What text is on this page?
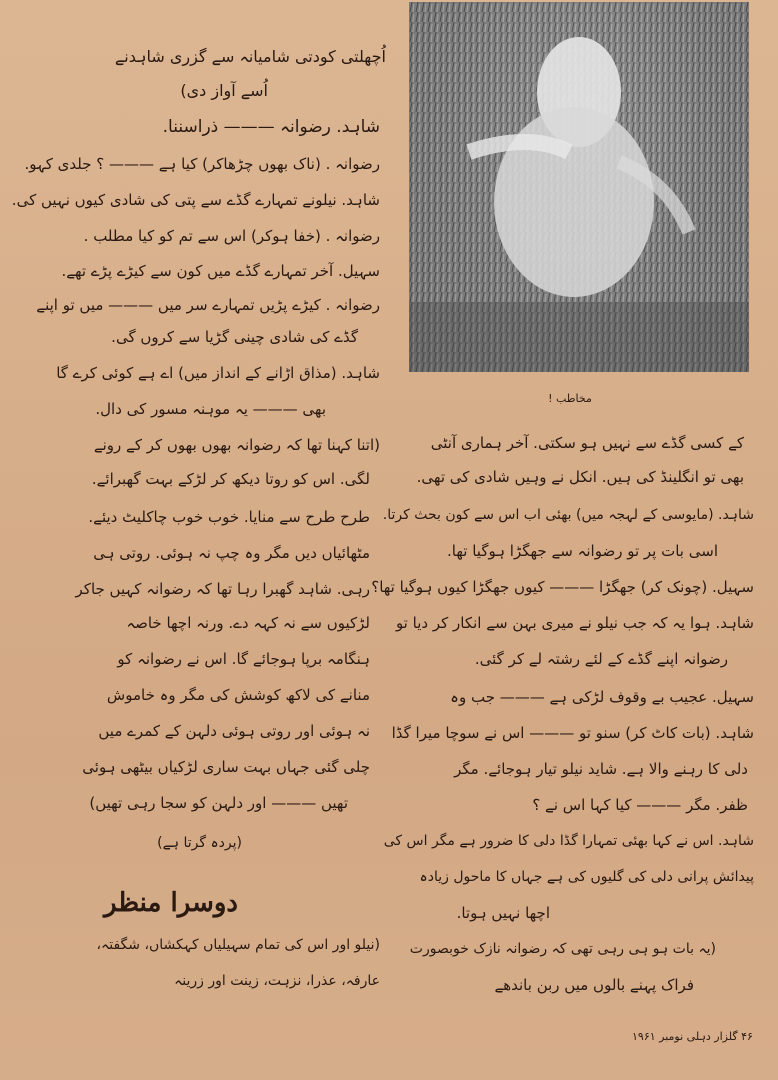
مخاطب !
اُچھلتی کودتی شامیانہ سے گزری شاہدنے
اُسے آواز دی)
شاہد. رضوانہ ——— ذراسننا.
رضوانہ . (ناک بھوں چڑھاکر) کیا ہے ——— ؟ جلدی کہو.
شاہد. نیلونے تمہارے گڈے سے پتی کی شادی کیوں نہیں کی.
رضوانہ . (خفا ہوکر) اس سے تم کو کیا مطلب .
سہیل. آخر تمہارے گڈے میں کون سے کیڑے پڑے تھے.
رضوانہ . کیڑے پڑیں تمہارے سر میں ——— میں تو اپنے
گڈے کی شادی چینی گڑیا سے کروں گی.
شاہد. (مذاق اڑانے کے انداز میں) اے ہے کوئی کرے گا
بھی ——— یہ موہنہ مسور کی دال.
(اتنا کہنا تھا کہ رضوانہ بھوں بھوں کر کے رونے
لگی. اس کو روتا دیکھ کر لڑکے بہت گھبرائے.
طرح طرح سے منایا. خوب خوب چاکلیٹ دیئے.
مٹھائیاں دیں مگر وہ چپ نہ ہوئی. روتی ہی
رہی. شاہد گھبرا رہا تھا کہ رضوانہ کہیں جاکر
لڑکیوں سے نہ کہہ دے. ورنہ اچھا خاصہ
ہنگامہ برپا ہوجائے گا. اس نے رضوانہ کو
منانے کی لاکھ کوشش کی مگر وہ خاموش
نہ ہوئی اور روتی ہوئی دلہن کے کمرے میں
چلی گئی جہاں بہت ساری لڑکیاں بیٹھی ہوئی
تھیں ——— اور دلہن کو سجا رہی تھیں)
(پردہ گرتا ہے)
دوسرا منظر
(نیلو اور اس کی تمام سہیلیاں کہکشاں، شگفتہ،
عارفہ، عذرا، نزہت، زینت اور زرینہ
کے کسی گڈے سے نہیں ہو سکتی. آخر ہماری آنٹی
بھی تو انگلینڈ کی ہیں. انکل نے وہیں شادی کی تھی.
شاہد. (مایوسی کے لہجہ میں) بھئی اب اس سے کون بحث کرتا.
اسی بات پر تو رضوانہ سے جھگڑا ہوگیا تھا.
سہیل. (چونک کر) جھگڑا ——— کیوں جھگڑا کیوں ہوگیا تھا؟
شاہد. ہوا یہ کہ جب نیلو نے میری بہن سے انکار کر دیا تو
رضوانہ اپنے گڈے کے لئے رشتہ لے کر گئی.
سہیل. عجیب بے وقوف لڑکی ہے ——— جب وہ
شاہد. (بات کاٹ کر) سنو تو ——— اس نے سوچا میرا گڈا
دلی کا رہنے والا ہے. شاید نیلو تیار ہوجائے. مگر
ظفر. مگر ——— کیا کہا اس نے ؟
شاہد. اس نے کہا بھئی تمہارا گڈا دلی کا ضرور ہے مگر اس کی
پیدائش پرانی دلی کی گلیوں کی ہے جہاں کا ماحول زیادہ
اچھا نہیں ہوتا.
(یہ بات ہو ہی رہی تھی کہ رضوانہ نازک خوبصورت
فراک پہنے بالوں میں ربن باندھے
۴۶ گلزار دہلی نومبر ۱۹۶۱
